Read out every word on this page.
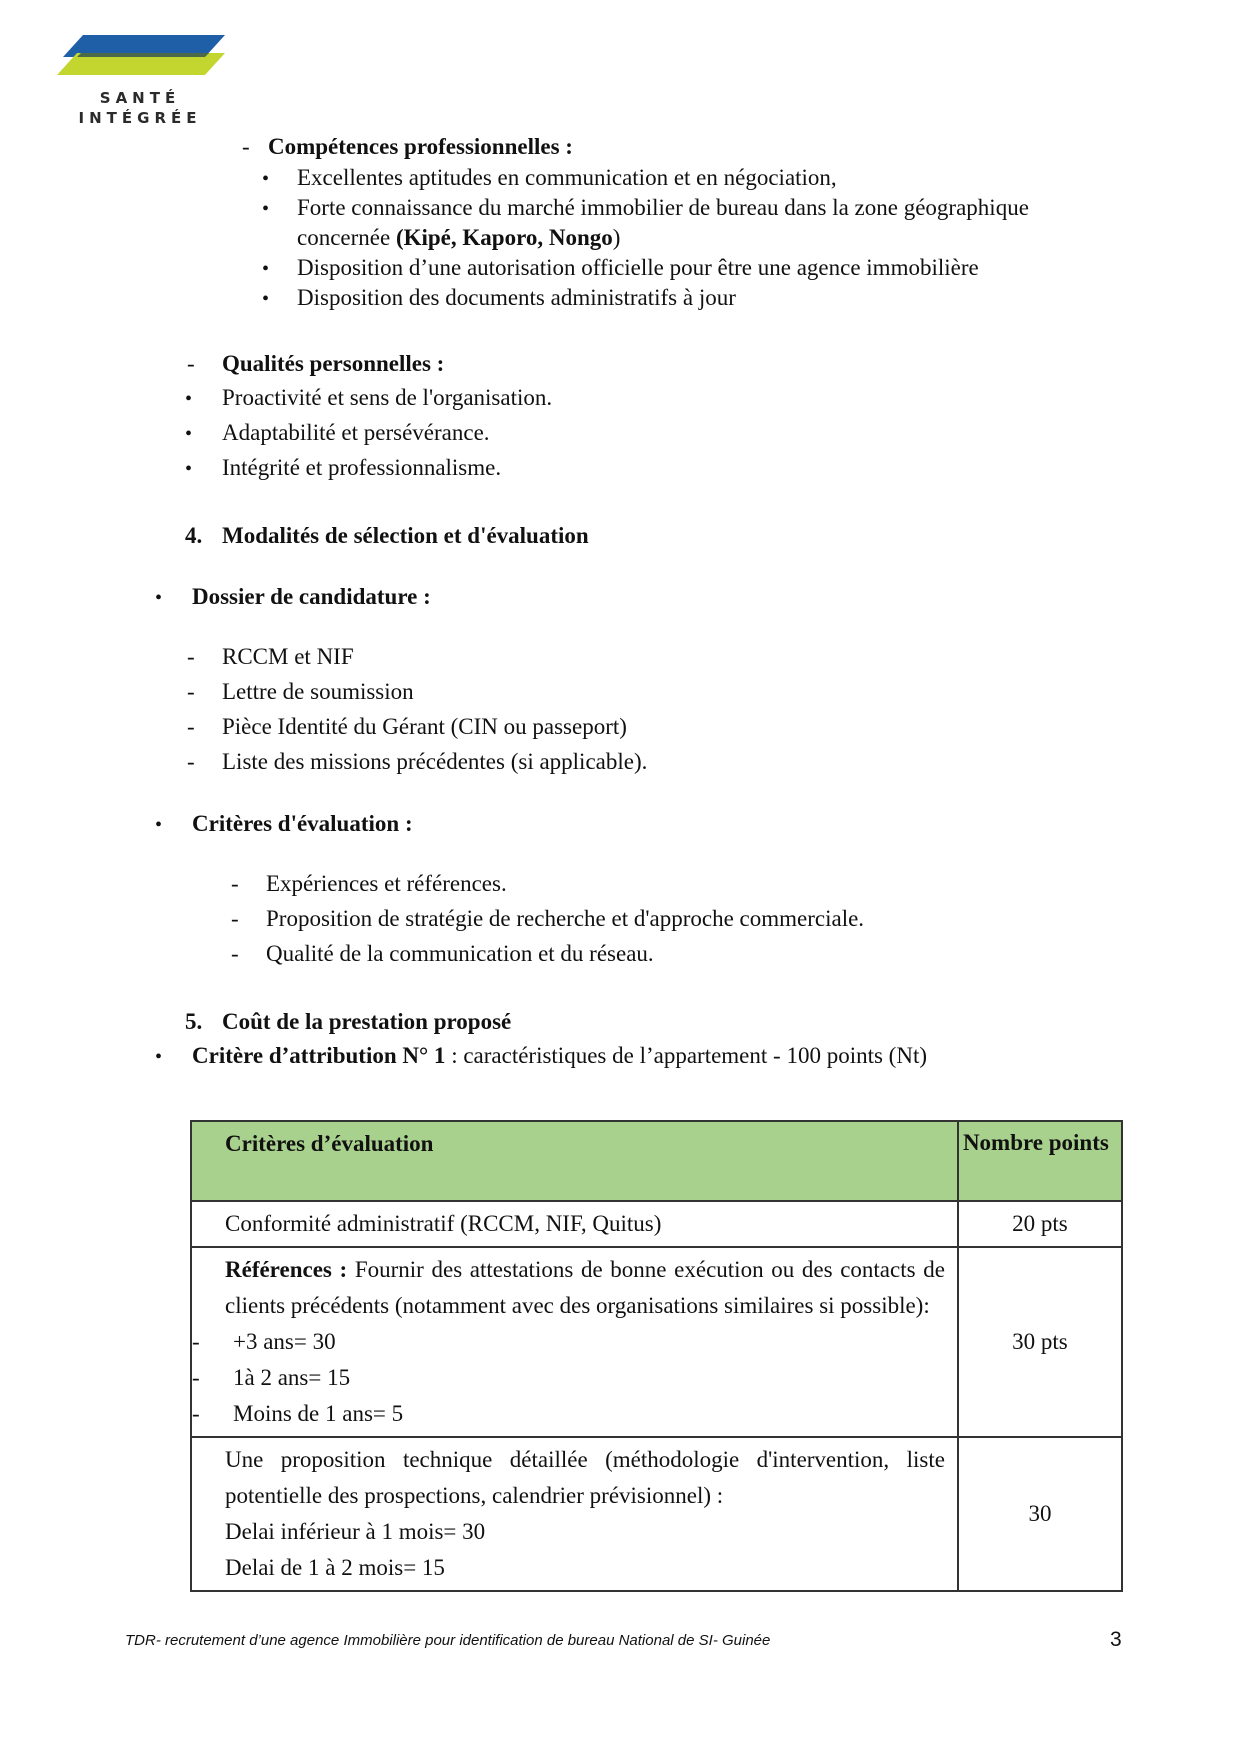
SANTÉ
INTÉGRÉE
- Compétences professionnelles :
• Excellentes aptitudes en communication et en négociation,
• Forte connaissance du marché immobilier de bureau dans la zone géographique
concernée (Kipé, Kaporo, Nongo)
• Disposition d’une autorisation officielle pour être une agence immobilière
• Disposition des documents administratifs à jour
- Qualités personnelles :
• Proactivité et sens de l'organisation.
• Adaptabilité et persévérance.
• Intégrité et professionnalisme.
4. Modalités de sélection et d'évaluation
• Dossier de candidature :
- RCCM et NIF
- Lettre de soumission
- Pièce Identité du Gérant (CIN ou passeport)
- Liste des missions précédentes (si applicable).
• Critères d'évaluation :
- Expériences et références.
- Proposition de stratégie de recherche et d'approche commerciale.
- Qualité de la communication et du réseau.
5. Coût de la prestation proposé
• Critère d’attribution N° 1 : caractéristiques de l’appartement - 100 points (Nt)
Critères d’évaluation	Nombre points
Conformité administratif (RCCM, NIF, Quitus)	20 pts

Références : Fournir des attestations de bonne exécution ou des contacts de clients précédents (notamment avec des organisations similaires si possible):
- +3 ans= 30
- 1à 2 ans= 15
- Moins de 1 ans= 5
	30 pts

Une proposition technique détaillée (méthodologie d'intervention, liste potentielle des prospections, calendrier prévisionnel) :
Delai inférieur à 1 mois= 30
Delai de 1 à 2 mois= 15	30
TDR- recrutement d’une agence Immobilière pour identification de bureau National de SI- Guinée	3
